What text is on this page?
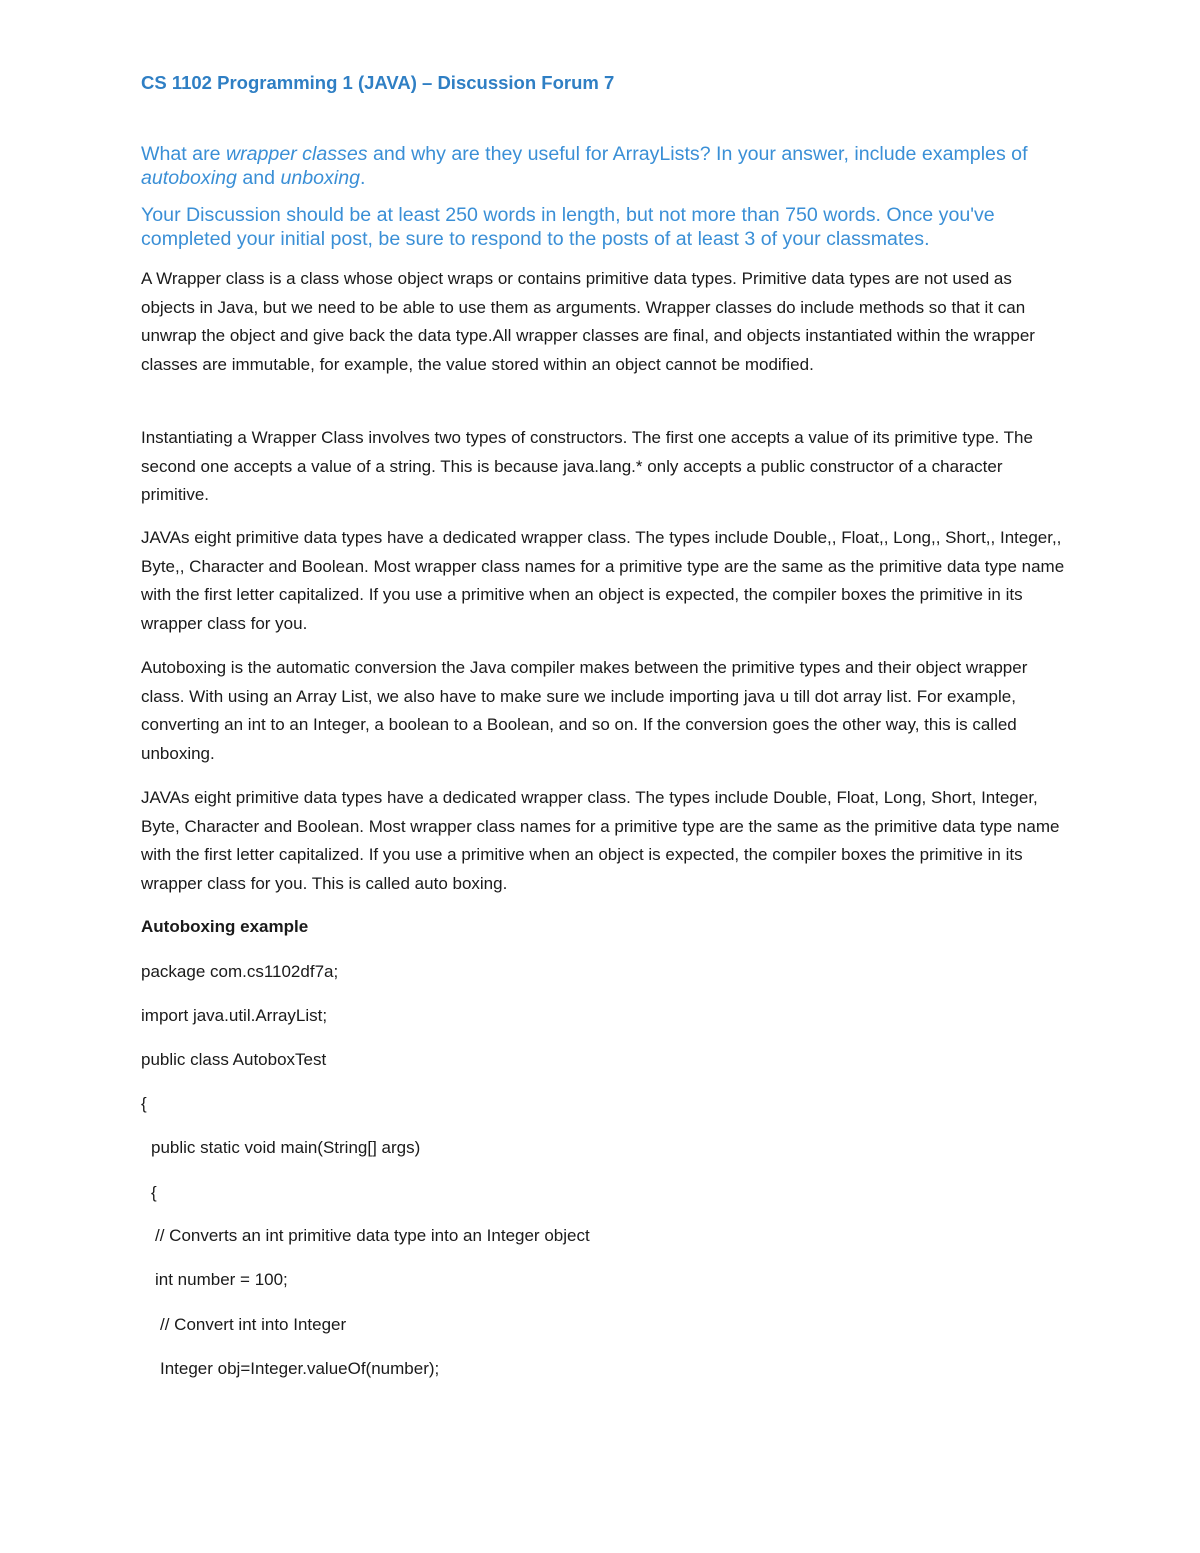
CS 1102 Programming 1 (JAVA) – Discussion Forum 7
What are wrapper classes and why are they useful for ArrayLists? In your answer, include examples of autoboxing and unboxing.
Your Discussion should be at least 250 words in length, but not more than 750 words. Once you've completed your initial post, be sure to respond to the posts of at least 3 of your classmates.
A Wrapper class is a class whose object wraps or contains primitive data types. Primitive data types are not used as objects in Java, but we need to be able to use them as arguments. Wrapper classes do include methods so that it can unwrap the object and give back the data type.All wrapper classes are final, and objects instantiated within the wrapper classes are immutable, for example, the value stored within an object cannot be modified.
Instantiating a Wrapper Class involves two types of constructors. The first one accepts a value of its primitive type. The second one accepts a value of a string. This is because java.lang.* only accepts a public constructor of a character primitive.
JAVAs eight primitive data types have a dedicated wrapper class. The types include Double,, Float,, Long,, Short,, Integer,, Byte,, Character and Boolean. Most wrapper class names for a primitive type are the same as the primitive data type name with the first letter capitalized. If you use a primitive when an object is expected, the compiler boxes the primitive in its wrapper class for you.
Autoboxing is the automatic conversion the Java compiler makes between the primitive types and their object wrapper class. With using an Array List, we also have to make sure we include importing java u till dot array list. For example, converting an int to an Integer, a boolean to a Boolean, and so on. If the conversion goes the other way, this is called unboxing.
JAVAs eight primitive data types have a dedicated wrapper class. The types include Double, Float, Long, Short, Integer, Byte, Character and Boolean. Most wrapper class names for a primitive type are the same as the primitive data type name with the first letter capitalized. If you use a primitive when an object is expected, the compiler boxes the primitive in its wrapper class for you. This is called auto boxing.
Autoboxing example
package com.cs1102df7a;
import java.util.ArrayList;
public class AutoboxTest
{
public static void main(String[] args)
{
// Converts an int primitive data type into an Integer object
int number = 100;
// Convert int into Integer
Integer obj=Integer.valueOf(number);
